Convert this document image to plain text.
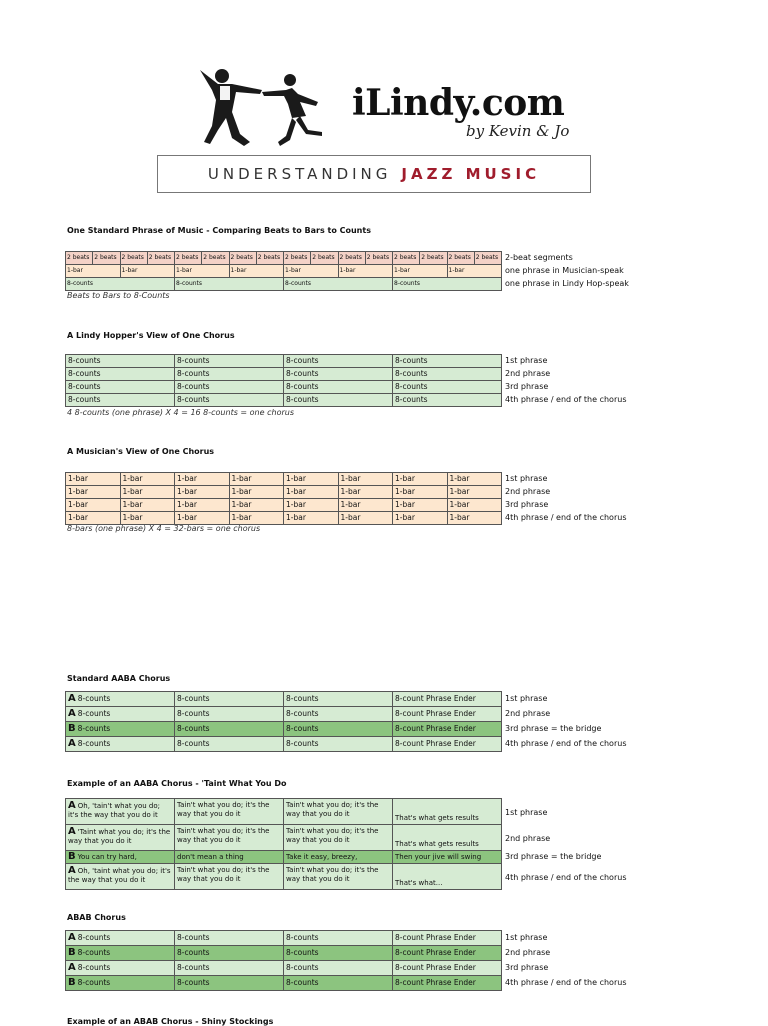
iLindy.com
by Kevin & Jo
UNDERSTANDING JAZZ MUSIC
One Standard Phrase of Music - Comparing Beats to Bars to Counts
2 beats	2 beats	2 beats	2 beats	2 beats	2 beats	2 beats	2 beats	2 beats	2 beats	2 beats	2 beats	2 beats	2 beats	2 beats	2 beats	2-beat segments
1-bar		1-bar		1-bar		1-bar		1-bar		1-bar		1-bar		1-bar		one phrase in Musician-speak
8-counts				8-counts				8-counts				8-counts				one phrase in Lindy Hop-speak
Beats to Bars to 8-Counts
A Lindy Hopper's View of One Chorus
8-counts	8-counts	8-counts	8-counts	1st phrase
8-counts	8-counts	8-counts	8-counts	2nd phrase
8-counts	8-counts	8-counts	8-counts	3rd phrase
8-counts	8-counts	8-counts	8-counts	4th phrase / end of the chorus
4 8-counts (one phrase) X 4 = 16 8-counts = one chorus
A Musician's View of One Chorus
1-bar	1-bar	1-bar	1-bar	1-bar	1-bar	1-bar	1-bar	1st phrase
1-bar	1-bar	1-bar	1-bar	1-bar	1-bar	1-bar	1-bar	2nd phrase
1-bar	1-bar	1-bar	1-bar	1-bar	1-bar	1-bar	1-bar	3rd phrase
1-bar	1-bar	1-bar	1-bar	1-bar	1-bar	1-bar	1-bar	4th phrase / end of the chorus
8-bars (one phrase) X 4 = 32-bars = one chorus
Standard AABA Chorus
A 8-counts	8-counts	8-counts	8-count Phrase Ender	1st phrase
A 8-counts	8-counts	8-counts	8-count Phrase Ender	2nd phrase
B 8-counts	8-counts	8-counts	8-count Phrase Ender	3rd phrase = the bridge
A 8-counts	8-counts	8-counts	8-count Phrase Ender	4th phrase / end of the chorus
Example of an AABA Chorus - 'Taint What You Do
A Oh, 'tain't what you do; it's the way that you do it	Tain't what you do; it's the way that you do it	Tain't what you do; it's the way that you do it	That's what gets results	1st phrase
A 'Taint what you do; it's the way that you do it	Tain't what you do; it's the way that you do it	Tain't what you do; it's the way that you do it	That's what gets results	2nd phrase
B You can try hard,	don't mean a thing	Take it easy, breezy,	Then your jive will swing	3rd phrase = the bridge
A Oh, 'taint what you do; it's the way that you do it	Tain't what you do; it's the way that you do it	Tain't what you do; it's the way that you do it	That's what...	4th phrase / end of the chorus
ABAB Chorus
A 8-counts	8-counts	8-counts	8-count Phrase Ender	1st phrase
B 8-counts	8-counts	8-counts	8-count Phrase Ender	2nd phrase
A 8-counts	8-counts	8-counts	8-count Phrase Ender	3rd phrase
B 8-counts	8-counts	8-counts	8-count Phrase Ender	4th phrase / end of the chorus
Example of an ABAB Chorus - Shiny Stockings
